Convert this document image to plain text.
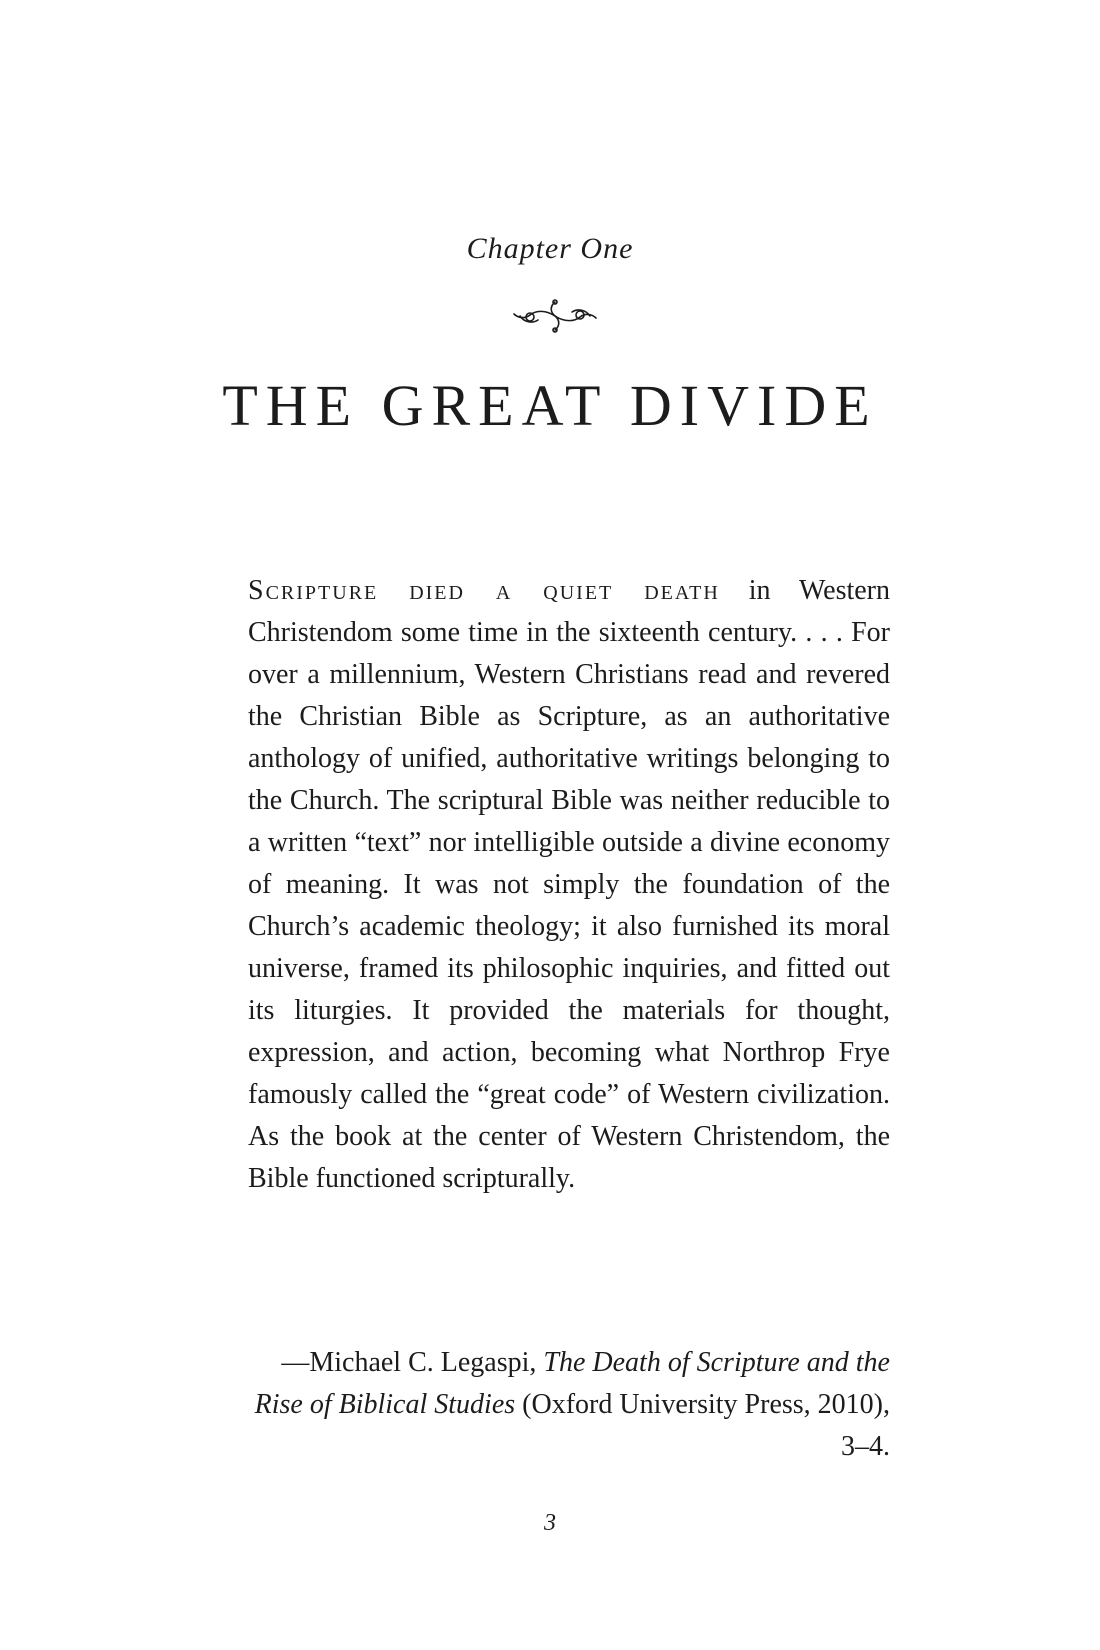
Chapter One
THE GREAT DIVIDE

Scripture died a quiet death in Western Christendom some time in the sixteenth century. . . . For over a millennium, Western Christians read and revered the Christian Bible as Scripture, as an authoritative anthology of unified, authoritative writings belonging to the Church. The scriptural Bible was neither reducible to a written “text” nor intelligible outside a divine economy of meaning. It was not simply the foundation of the Church’s academic theology; it also furnished its moral universe, framed its philosophic inquiries, and fitted out its liturgies. It provided the materials for thought, expression, and action, becoming what Northrop Frye famously called the “great code” of Western civilization. As the book at the center of Western Christendom, the Bible functioned scripturally.

—Michael C. Legaspi, The Death of Scripture and the Rise of Biblical Studies (Oxford University Press, 2010), 3–4.

3
